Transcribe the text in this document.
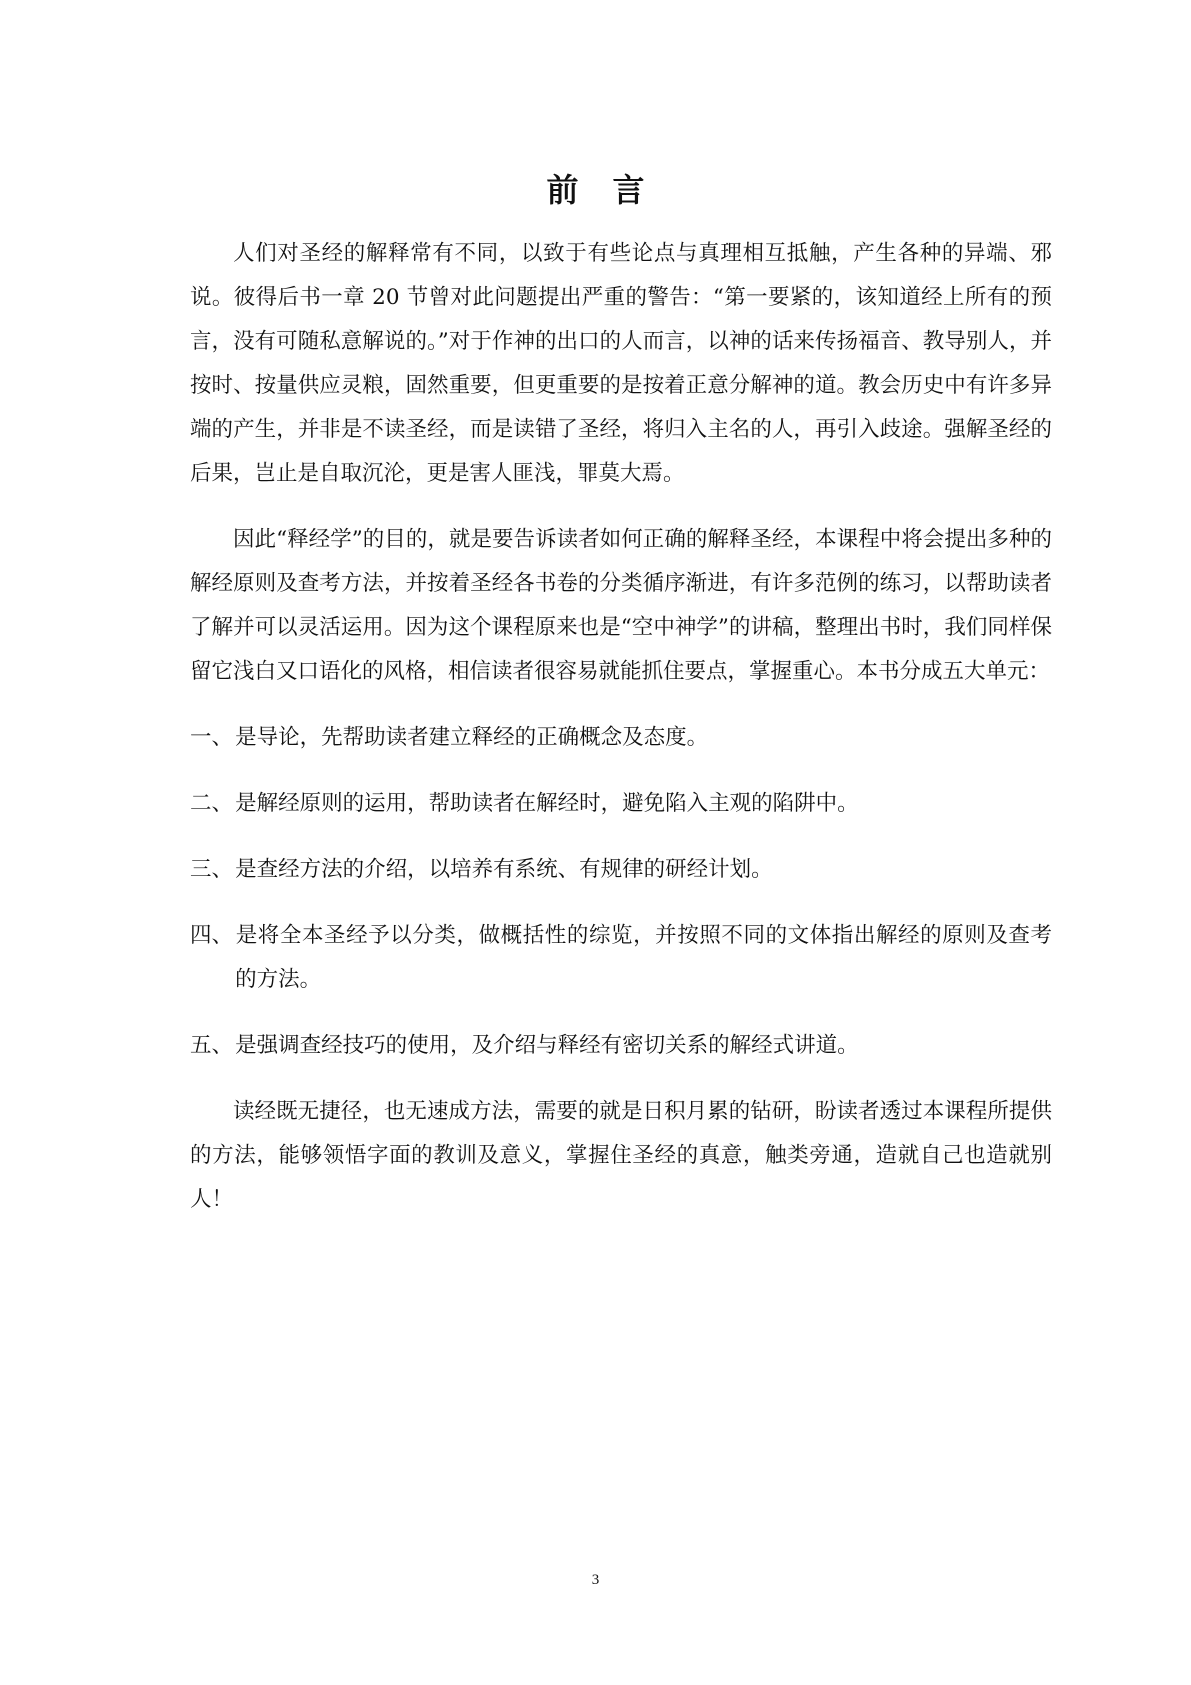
前 言

人们对圣经的解释常有不同，以致于有些论点与真理相互抵触，产生各种的异端、邪说。彼得后书一章 20 节曾对此问题提出严重的警告：“第一要紧的，该知道经上所有的预言，没有可随私意解说的。”对于作神的出口的人而言，以神的话来传扬福音、教导别人，并按时、按量供应灵粮，固然重要，但更重要的是按着正意分解神的道。教会历史中有许多异端的产生，并非是不读圣经，而是读错了圣经，将归入主名的人，再引入歧途。强解圣经的后果，岂止是自取沉沦，更是害人匪浅，罪莫大焉。

因此“释经学”的目的，就是要告诉读者如何正确的解释圣经，本课程中将会提出多种的解经原则及查考方法，并按着圣经各书卷的分类循序渐进，有许多范例的练习，以帮助读者了解并可以灵活运用。因为这个课程原来也是“空中神学”的讲稿，整理出书时，我们同样保留它浅白又口语化的风格，相信读者很容易就能抓住要点，掌握重心。本书分成五大单元：

一、是导论，先帮助读者建立释经的正确概念及态度。

二、是解经原则的运用，帮助读者在解经时，避免陷入主观的陷阱中。

三、是查经方法的介绍，以培养有系统、有规律的研经计划。

四、是将全本圣经予以分类，做概括性的综览，并按照不同的文体指出解经的原则及查考的方法。

五、是强调查经技巧的使用，及介绍与释经有密切关系的解经式讲道。

读经既无捷径，也无速成方法，需要的就是日积月累的钻研，盼读者透过本课程所提供的方法，能够领悟字面的教训及意义，掌握住圣经的真意，触类旁通，造就自己也造就别人！

3
